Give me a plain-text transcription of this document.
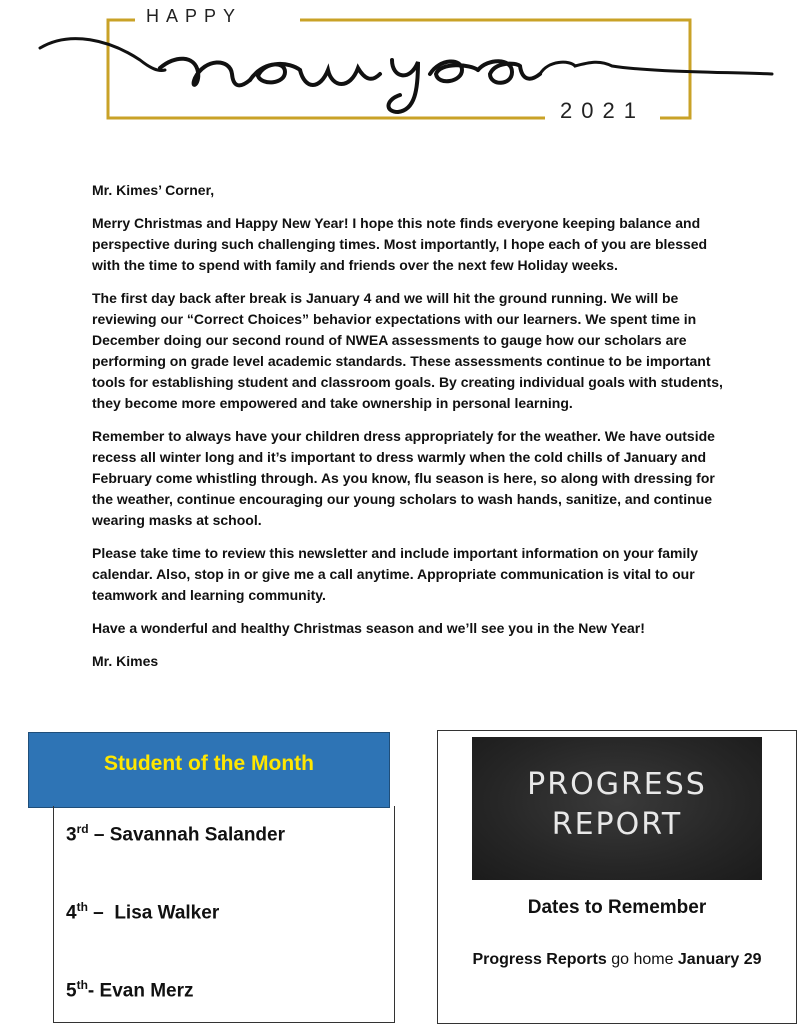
HAPPY
2021

Mr. Kimes’ Corner,

Merry Christmas and Happy New Year! I hope this note finds everyone keeping balance and perspective during such challenging times. Most importantly, I hope each of you are blessed with the time to spend with family and friends over the next few Holiday weeks.

The first day back after break is January 4 and we will hit the ground running. We will be reviewing our “Correct Choices” behavior expectations with our learners. We spent time in December doing our second round of NWEA assessments to gauge how our scholars are performing on grade level academic standards. These assessments continue to be important tools for establishing student and classroom goals. By creating individual goals with students, they become more empowered and take ownership in personal learning.

Remember to always have your children dress appropriately for the weather. We have outside recess all winter long and it’s important to dress warmly when the cold chills of January and February come whistling through. As you know, flu season is here, so along with dressing for the weather, continue encouraging our young scholars to wash hands, sanitize, and continue wearing masks at school.

Please take time to review this newsletter and include important information on your family calendar. Also, stop in or give me a call anytime. Appropriate communication is vital to our teamwork and learning community.

Have a wonderful and healthy Christmas season and we’ll see you in the New Year!

Mr. Kimes

Student of the Month
3rd – Savannah Salander
4th –  Lisa Walker
5th- Evan Merz
PROGRESS
REPORT
Dates to Remember
Progress Reports go home January 29
